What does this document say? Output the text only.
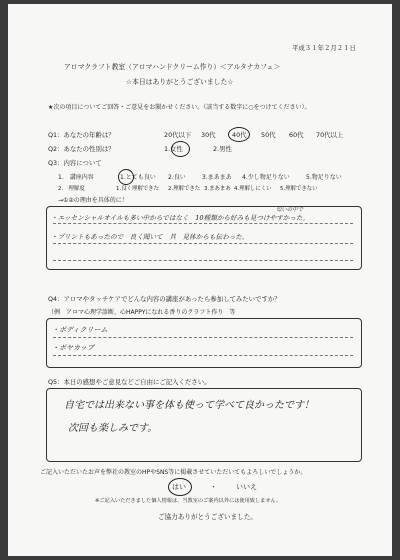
平成３１年２月２１日
アロマクラフト教室（アロマハンドクリーム作り）＜アルタナカフェ＞
☆本日はありがとうございました☆
★次の項目についてご回答・ご意見をお聞かせください。（該当する数字に○をつけてください）。
Q1：あなたの年齢は？	20代以下 30代	40代 50代 60代 70代以上
Q2：あなたの性別は？	1.女性	2.男性
Q3：内容について
1.　講座内容	1.とても良い 2.良い	3.まあまあ 4.少し物足りない	5.物足りない
2.　理解度	1.良く理解できた 2.理解できた 3.まあまあ 4.理解しにくい 5.理解できない
→①②の理由を具体的に！
匂いの中で
・エッセンシャルオイルも多い中からではなく　10種類から好みも見つけやすかった。
・プリントもあったので　良く聞いて　具　見体からも伝わった。
Q4：アロマやタッチケアでどんな内容の講座があったら参加してみたいですか？
（例　アロマ心理学診断、心HAPPYになれる香りのクラフト作り　等
・ボディクリーム
・ボヤカップ
Q5：本日の感想やご意見などご自由にご記入ください。
自宅では出来ない事を体も使って学べて良かったです！
次回も楽しみです。
ご記入いただいたお声を弊社の教室のHPやSNS等に掲載させていただいてもよろしいでしょうか。
はい	・	いいえ
※ご記入いただきました個人情報は、当教室のご案内以外には使用致しません。
ご協力ありがとうございました。
